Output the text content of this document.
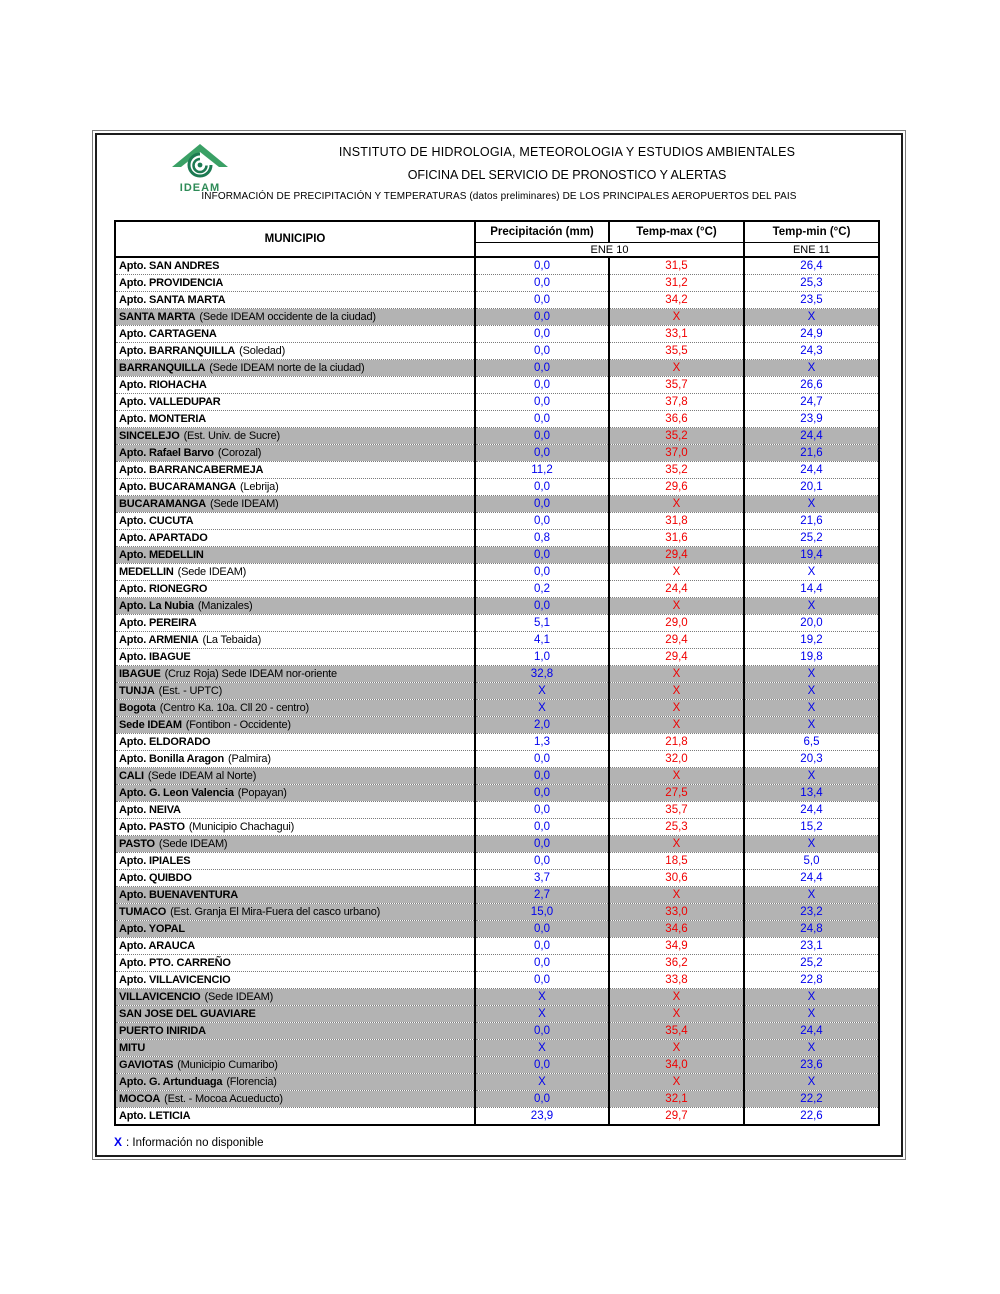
IDEAM
INSTITUTO DE HIDROLOGIA, METEOROLOGIA Y ESTUDIOS AMBIENTALES
OFICINA DEL SERVICIO DE PRONOSTICO Y ALERTAS
INFORMACIÓN DE PRECIPITACIÓN Y TEMPERATURAS (datos preliminares) DE LOS PRINCIPALES AEROPUERTOS DEL PAIS
MUNICIPIO	Precipitación (mm)	Temp-max (°C)	Temp-min (°C)
	ENE 10		ENE 11
Apto. SAN ANDRES	0,0	31,5	26,4
Apto. PROVIDENCIA	0,0	31,2	25,3
Apto. SANTA MARTA	0,0	34,2	23,5
SANTA MARTA (Sede IDEAM occidente de la ciudad)	0,0	X	X
Apto. CARTAGENA	0,0	33,1	24,9
Apto. BARRANQUILLA (Soledad)	0,0	35,5	24,3
BARRANQUILLA (Sede IDEAM norte de la ciudad)	0,0	X	X
Apto. RIOHACHA	0,0	35,7	26,6
Apto. VALLEDUPAR	0,0	37,8	24,7
Apto. MONTERIA	0,0	36,6	23,9
SINCELEJO (Est. Univ. de Sucre)	0,0	35,2	24,4
Apto. Rafael Barvo (Corozal)	0,0	37,0	21,6
Apto. BARRANCABERMEJA	11,2	35,2	24,4
Apto. BUCARAMANGA (Lebrija)	0,0	29,6	20,1
BUCARAMANGA (Sede IDEAM)	0,0	X	X
Apto. CUCUTA	0,0	31,8	21,6
Apto. APARTADO	0,8	31,6	25,2
Apto. MEDELLIN	0,0	29,4	19,4
MEDELLIN (Sede IDEAM)	0,0	X	X
Apto. RIONEGRO	0,2	24,4	14,4
Apto. La Nubia (Manizales)	0,0	X	X
Apto. PEREIRA	5,1	29,0	20,0
Apto. ARMENIA (La Tebaida)	4,1	29,4	19,2
Apto. IBAGUE	1,0	29,4	19,8
IBAGUE (Cruz Roja) Sede IDEAM nor-oriente	32,8	X	X
TUNJA (Est. - UPTC)	X	X	X
Bogota (Centro Ka. 10a. Cll 20 - centro)	X	X	X
Sede IDEAM (Fontibon - Occidente)	2,0	X	X
Apto. ELDORADO	1,3	21,8	6,5
Apto. Bonilla Aragon (Palmira)	0,0	32,0	20,3
CALI (Sede IDEAM al Norte)	0,0	X	X
Apto. G. Leon Valencia (Popayan)	0,0	27,5	13,4
Apto. NEIVA	0,0	35,7	24,4
Apto. PASTO (Municipio Chachagui)	0,0	25,3	15,2
PASTO (Sede IDEAM)	0,0	X	X
Apto. IPIALES	0,0	18,5	5,0
Apto. QUIBDO	3,7	30,6	24,4
Apto. BUENAVENTURA	2,7	X	X
TUMACO (Est. Granja El Mira-Fuera del casco urbano)	15,0	33,0	23,2
Apto. YOPAL	0,0	34,6	24,8
Apto. ARAUCA	0,0	34,9	23,1
Apto. PTO. CARREÑO	0,0	36,2	25,2
Apto. VILLAVICENCIO	0,0	33,8	22,8
VILLAVICENCIO (Sede IDEAM)	X	X	X
SAN JOSE DEL GUAVIARE	X	X	X
PUERTO INIRIDA	0,0	35,4	24,4
MITU	X	X	X
GAVIOTAS (Municipio Cumaribo)	0,0	34,0	23,6
Apto. G. Artunduaga (Florencia)	X	X	X
MOCOA (Est. - Mocoa Acueducto)	0,0	32,1	22,2
Apto. LETICIA	23,9	29,7	22,6
X : Información no disponible
